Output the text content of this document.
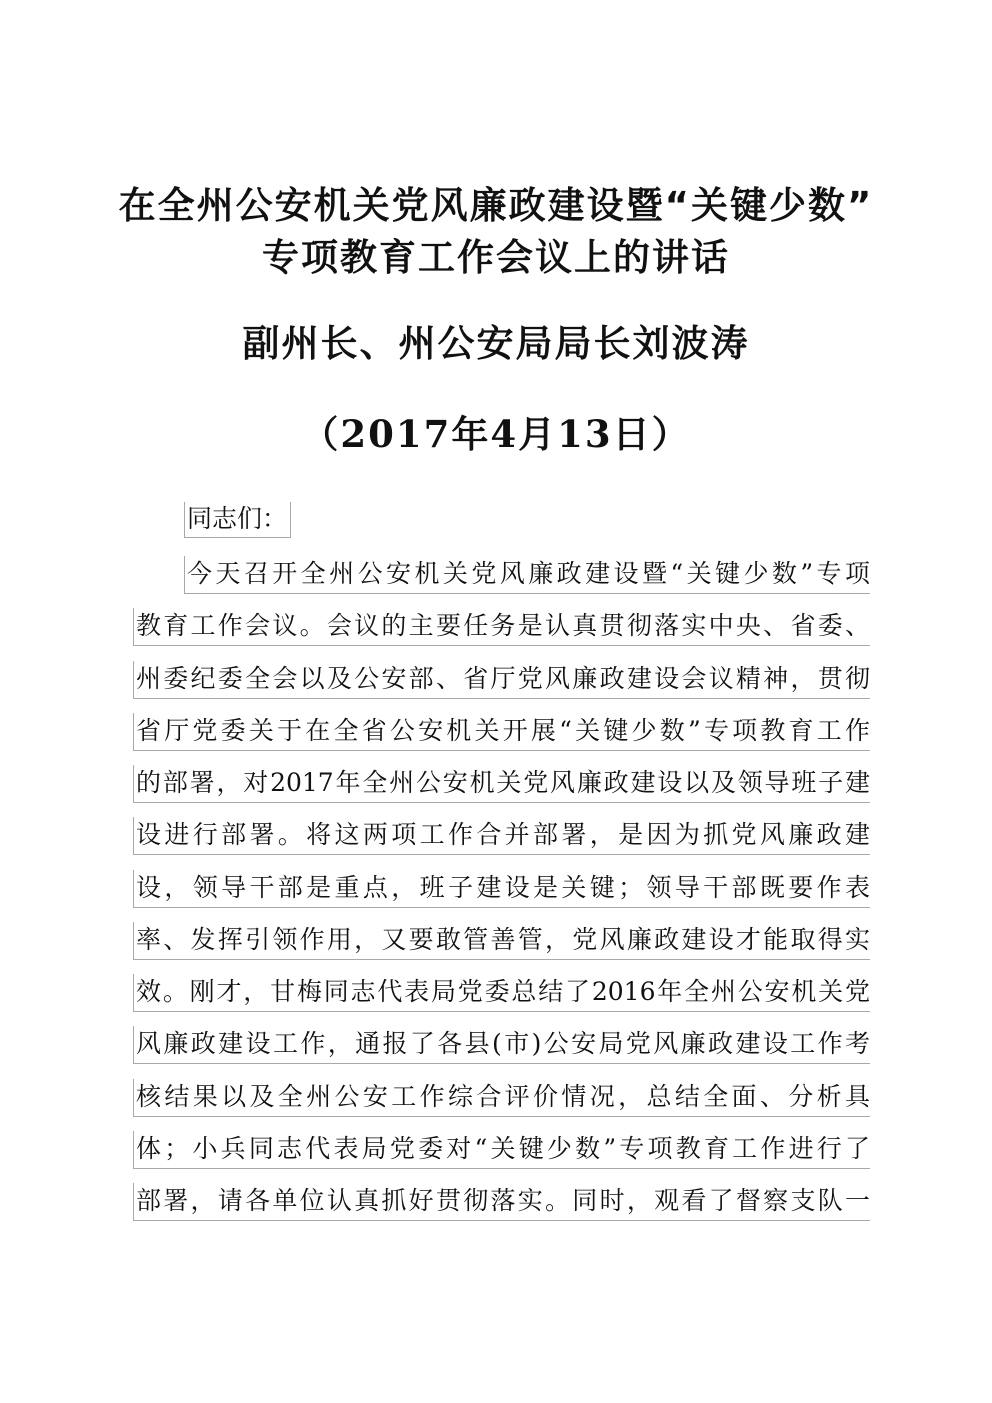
在全州公安机关党风廉政建设暨“关键少数”
专项教育工作会议上的讲话
副州长、州公安局局长刘波涛
（2017年4月13日）
同志们：
今天召开全州公安机关党风廉政建设暨“关键少数”专项
教育工作会议。会议的主要任务是认真贯彻落实中央、省委、
州委纪委全会以及公安部、省厅党风廉政建设会议精神，贯彻
省厅党委关于在全省公安机关开展“关键少数”专项教育工作
的部署，对2017年全州公安机关党风廉政建设以及领导班子建
设进行部署。将这两项工作合并部署，是因为抓党风廉政建
设，领导干部是重点，班子建设是关键；领导干部既要作表
率、发挥引领作用，又要敢管善管，党风廉政建设才能取得实
效。刚才，甘梅同志代表局党委总结了2016年全州公安机关党
风廉政建设工作，通报了各县(市)公安局党风廉政建设工作考
核结果以及全州公安工作综合评价情况，总结全面、分析具
体；小兵同志代表局党委对“关键少数”专项教育工作进行了
部署，请各单位认真抓好贯彻落实。同时，观看了督察支队一
